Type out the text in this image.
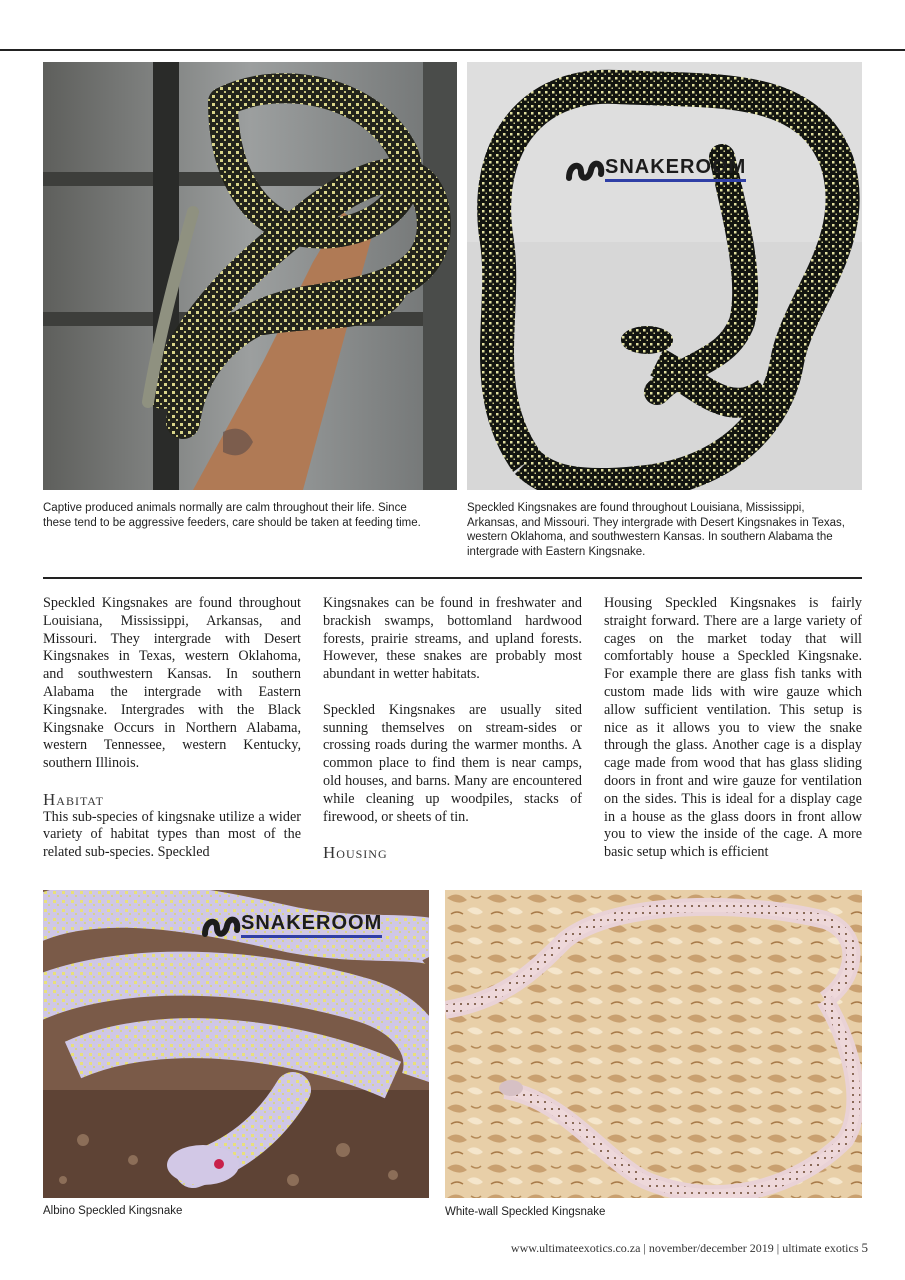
SNAKEROOM
Captive produced animals normally are calm throughout their life. Since these tend to be aggressive feeders, care should be taken at feeding time.
Speckled Kingsnakes are found throughout Louisiana, Mississippi, Arkansas, and Missouri. They intergrade with Desert Kingsnakes in Texas, western Oklahoma, and southwestern Kansas. In southern Alabama the intergrade with Eastern Kingsnake.

Speckled Kingsnakes are found throughout Louisiana, Mississippi, Arkansas, and Missouri. They intergrade with Desert Kingsnakes in Texas, western Oklahoma, and southwestern Kansas. In southern Alabama the intergrade with Eastern Kingsnake. Intergrades with the Black Kingsnake Occurs in Northern Alabama, western Tennessee, western Kentucky, southern Illinois.

Habitat

This sub-species of kingsnake utilize a wider variety of habitat types than most of the related sub-species. Speckled

Kingsnakes can be found in freshwater and brackish swamps, bottomland hardwood forests, prairie streams, and upland forests. However, these snakes are probably most abundant in wetter habitats.

Speckled Kingsnakes are usually sited sunning themselves on stream-sides or crossing roads during the warmer months. A common place to find them is near camps, old houses, and barns. Many are encountered while cleaning up woodpiles, stacks of firewood, or sheets of tin.

Housing

Housing Speckled Kingsnakes is fairly straight forward. There are a large variety of cages on the market today that will comfortably house a Speckled Kingsnake. For example there are glass fish tanks with custom made lids with wire gauze which allow sufficient ventilation. This setup is nice as it allows you to view the snake through the glass. Another cage is a display cage made from wood that has glass sliding doors in front and wire gauze for ventilation on the sides. This is ideal for a display cage in a house as the glass doors in front allow you to view the inside of the cage. A more basic setup which is efficient

SNAKEROOM
Albino Speckled Kingsnake	White-wall Speckled Kingsnake
www.ultimateexotics.co.za | november/december 2019 | ultimate exotics 5
